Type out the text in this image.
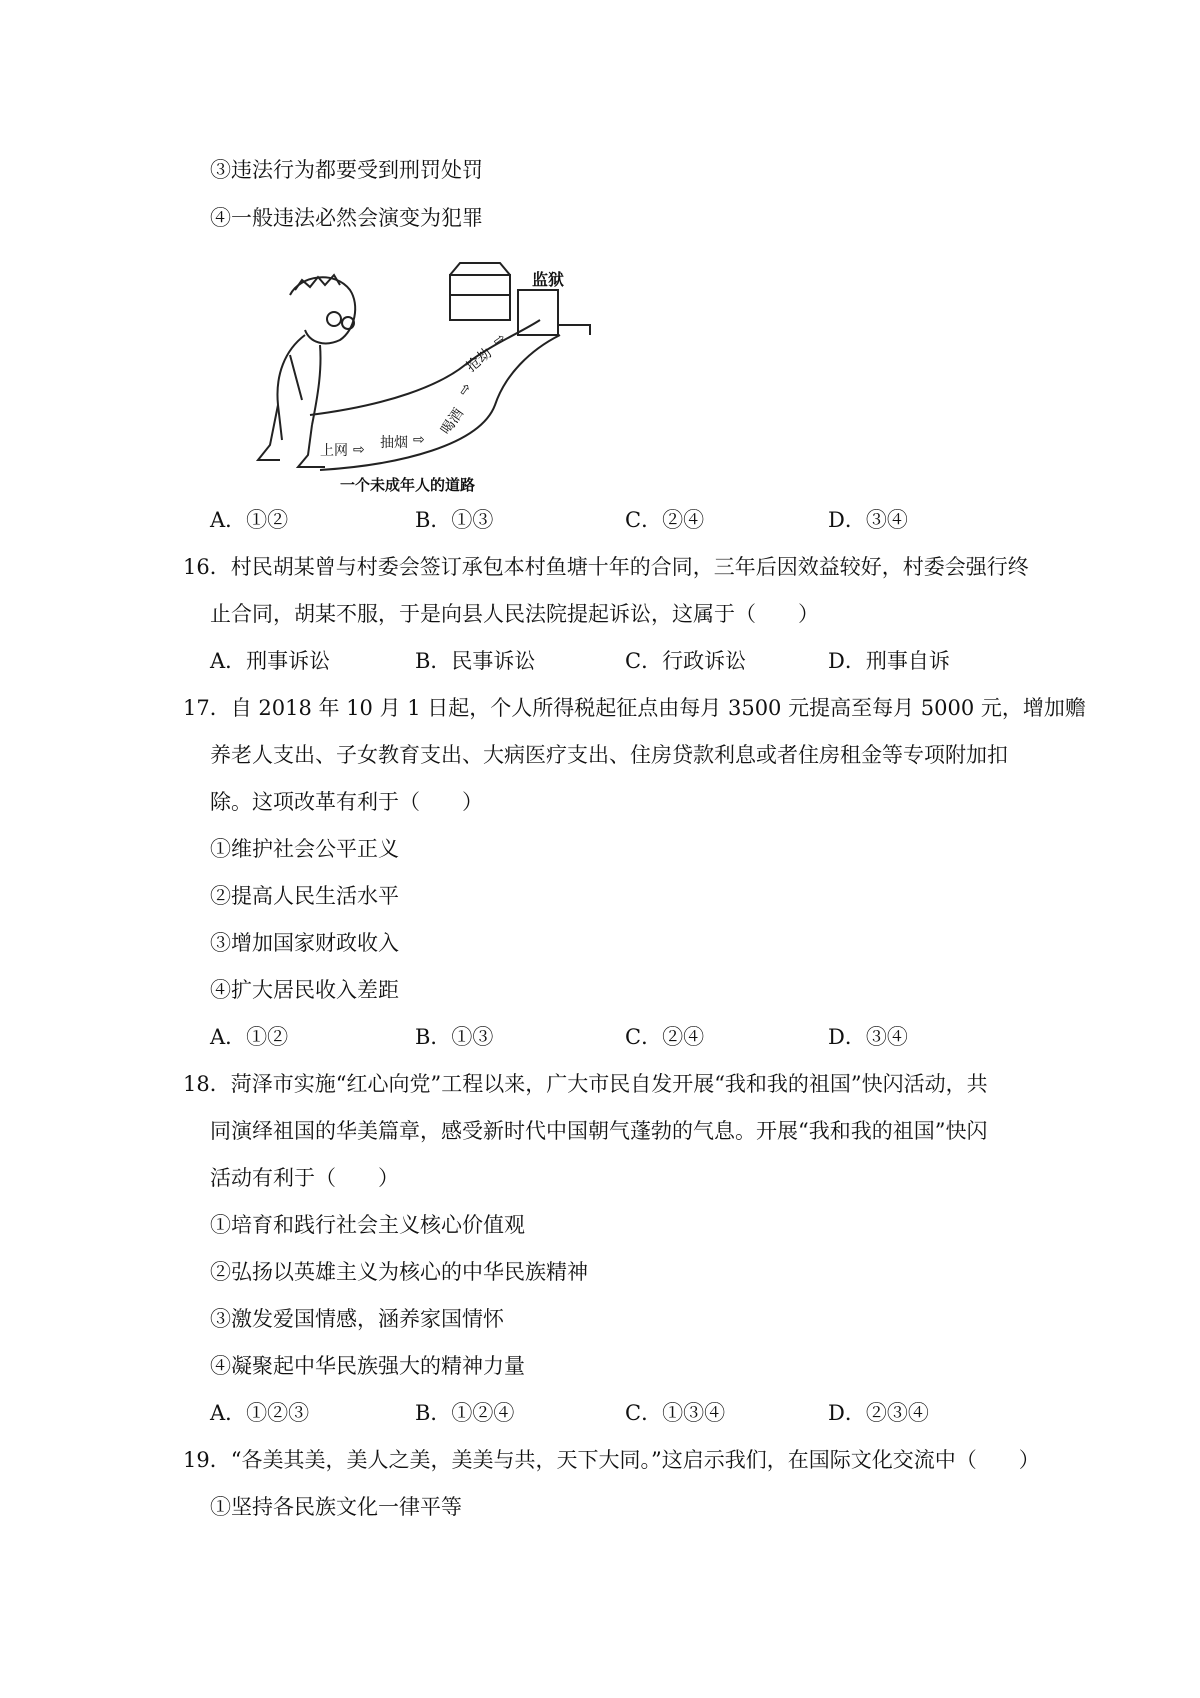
③违法行为都要受到刑罚处罚
④一般违法必然会演变为犯罪
监狱
上网 ⇨ 抽烟 ⇨
喝酒
⇨
抢劫
⇨
一个未成年人的道路
A．①②	B．①③	C．②④	D．③④
16．村民胡某曾与村委会签订承包本村鱼塘十年的合同，三年后因效益较好，村委会强行终
止合同，胡某不服，于是向县人民法院提起诉讼，这属于（　　）
A．刑事诉讼	B．民事诉讼	C．行政诉讼	D．刑事自诉
17．自 2018 年 10 月 1 日起，个人所得税起征点由每月 3500 元提高至每月 5000 元，增加赡
养老人支出、子女教育支出、大病医疗支出、住房贷款利息或者住房租金等专项附加扣
除。这项改革有利于（　　）
①维护社会公平正义
②提高人民生活水平
③增加国家财政收入
④扩大居民收入差距
A．①②	B．①③	C．②④	D．③④
18．菏泽市实施“红心向党”工程以来，广大市民自发开展“我和我的祖国”快闪活动，共
同演绎祖国的华美篇章，感受新时代中国朝气蓬勃的气息。开展“我和我的祖国”快闪
活动有利于（　　）
①培育和践行社会主义核心价值观
②弘扬以英雄主义为核心的中华民族精神
③激发爱国情感，涵养家国情怀
④凝聚起中华民族强大的精神力量
A．①②③	B．①②④	C．①③④	D．②③④
19．“各美其美，美人之美，美美与共，天下大同。”这启示我们，在国际文化交流中（　　）
①坚持各民族文化一律平等
